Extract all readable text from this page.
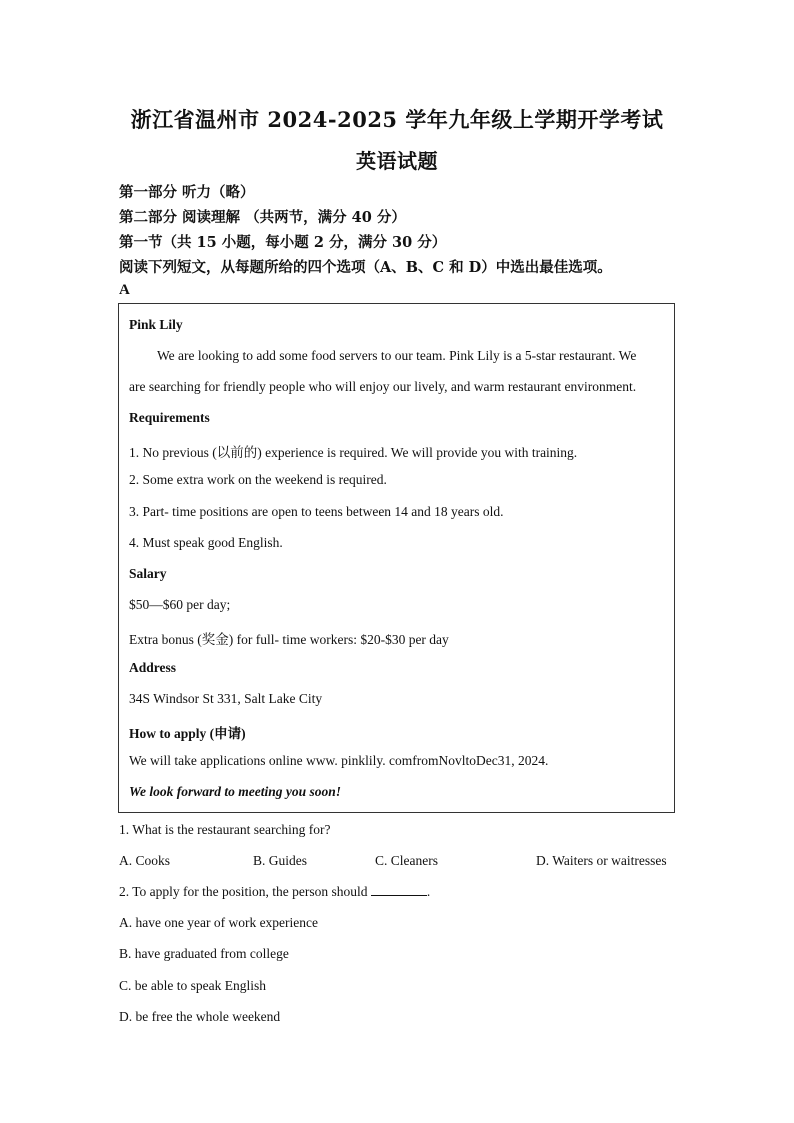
浙江省温州市 2024-2025 学年九年级上学期开学考试
英语试题
第一部分 听力（略）
第二部分 阅读理解 （共两节，满分 40 分）
第一节（共 15 小题，每小题 2 分，满分 30 分）
阅读下列短文，从每题所给的四个选项（A、B、C 和 D）中选出最佳选项。
A
Pink Lily
We are looking to add some food servers to our team. Pink Lily is a 5-star restaurant. We
are searching for friendly people who will enjoy our lively, and warm restaurant environment.
Requirements
1. No previous (以前的) experience is required. We will provide you with training.
2. Some extra work on the weekend is required.
3. Part- time positions are open to teens between 14 and 18 years old.
4. Must speak good English.
Salary
$50—$60 per day;
Extra bonus (奖金) for full- time workers: $20-$30 per day
Address
34S Windsor St 331, Salt Lake City
How to apply (申请)
We will take applications online www. pinklily. comfromNovltoDec31, 2024.
We look forward to meeting you soon!
1. What is the restaurant searching for?
A. Cooks	B. Guides	C. Cleaners	D. Waiters or waitresses
2. To apply for the position, the person should	.
A. have one year of work experience
B. have graduated from college
C. be able to speak English
D. be free the whole weekend
